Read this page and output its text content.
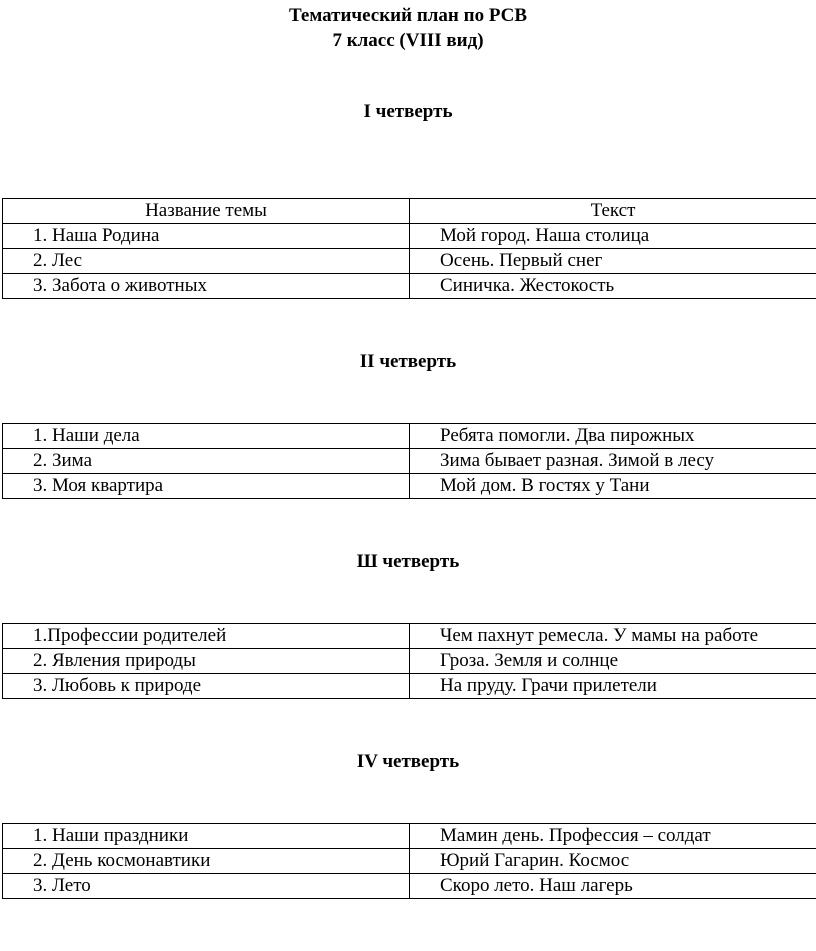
Тематический план по РСВ

7 класс (VIII вид)

I четверть

Название темы	Текст
1. Наша Родина	Мой город. Наша столица
2. Лес	Осень. Первый снег
3. Забота о животных	Синичка. Жестокость

II четверть

1. Наши дела	Ребята помогли. Два пирожных
2. Зима	Зима бывает разная. Зимой в лесу
3. Моя квартира	Мой дом. В гостях у Тани

Ш четверть

1.Профессии родителей	Чем пахнут ремесла. У мамы на работе
2. Явления природы	Гроза. Земля и солнце
3. Любовь к природе	На пруду. Грачи прилетели

IV четверть

1. Наши праздники	Мамин день. Профессия – солдат
2. День космонавтики	Юрий Гагарин. Космос
3. Лето	Скоро лето. Наш лагерь
